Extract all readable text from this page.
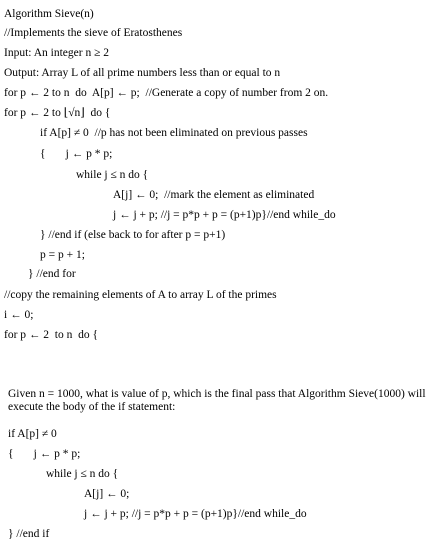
Algorithm Sieve(n)
//Implements the sieve of Eratosthenes
Input: An integer n ≥ 2
Output: Array L of all prime numbers less than or equal to n
for p ← 2 to n  do  A[p] ← p;  //Generate a copy of number from 2 on.
for p ← 2 to ⌊√n⌋  do {
if A[p] ≠ 0  //p has not been eliminated on previous passes
{       j ← p * p;
while j ≤ n do {
A[j] ← 0;  //mark the element as eliminated
j ← j + p; //j = p*p + p = (p+1)p}//end while_do
} //end if (else back to for after p = p+1)
p = p + 1;
} //end for
//copy the remaining elements of A to array L of the primes
i ← 0;
for p ← 2  to n  do {
Given n = 1000, what is value of p, which is the final pass that Algorithm Sieve(1000) will execute the body of the if statement:
if A[p] ≠ 0
{       j ← p * p;
while j ≤ n do {
A[j] ← 0;
j ← j + p; //j = p*p + p = (p+1)p}//end while_do
} //end if
